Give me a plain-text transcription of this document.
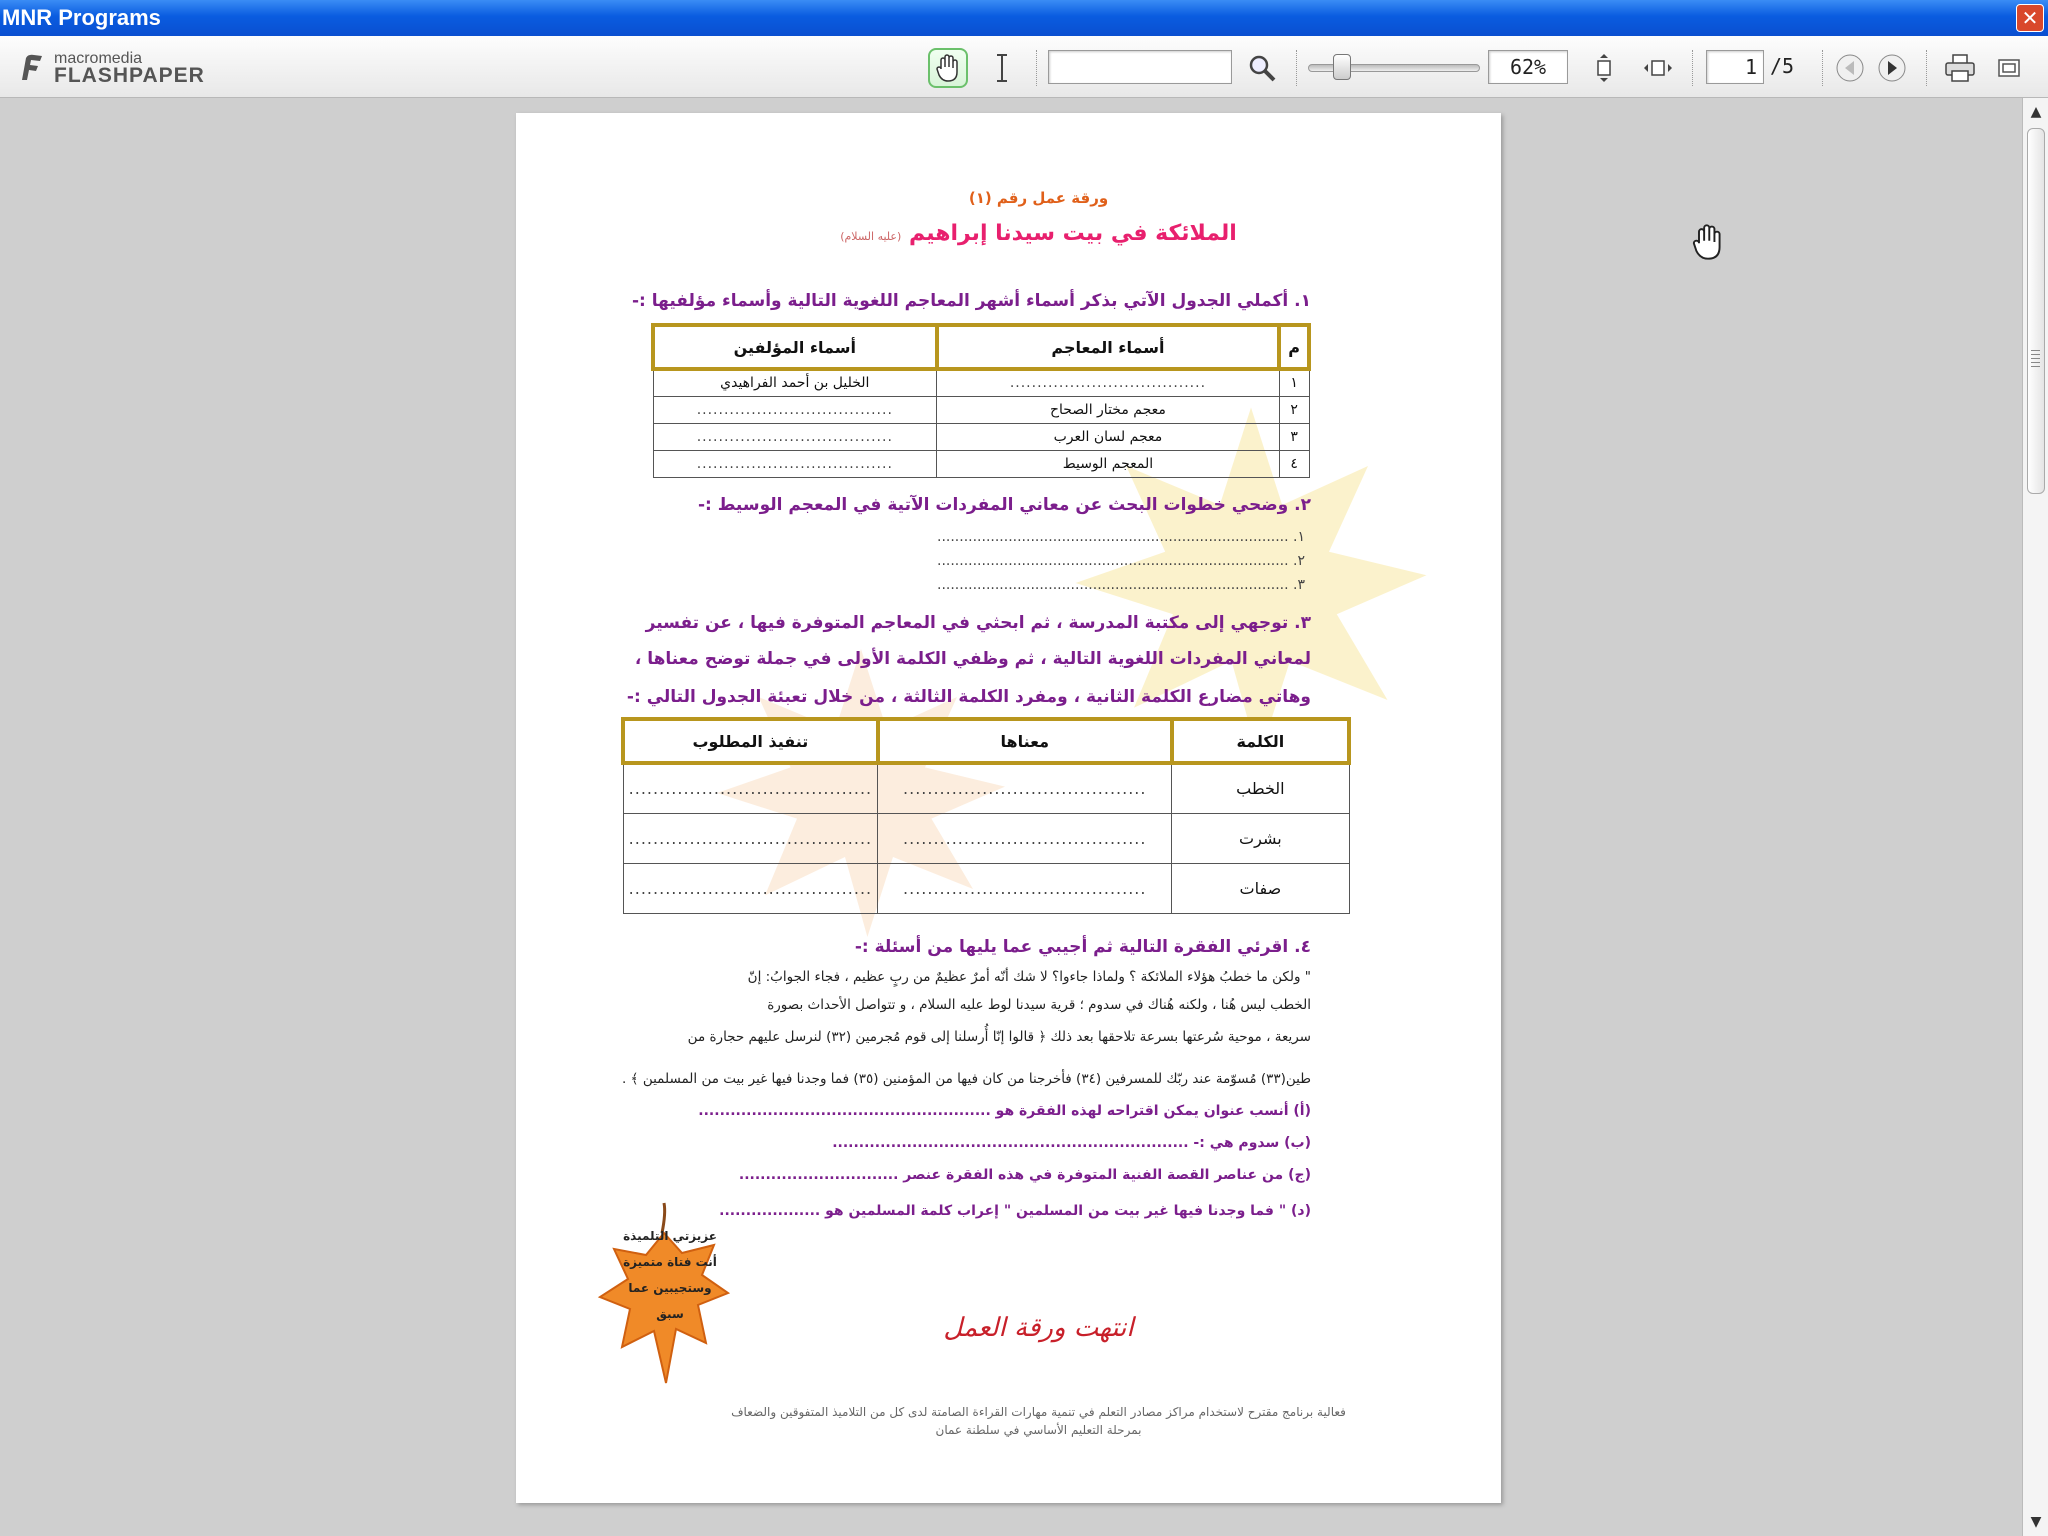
MNR Programs	✕
macromedia
FLASHPAPER	62%	1 /5
▲
▼
ورقة عمل رقم (١)
الملائكة في بيت سيدنا إبراهيم (عليه السلام)
١. أكملي الجدول الآتي بذكر أسماء أشهر المعاجم اللغوية التالية وأسماء مؤلفيها :-
م	أسماء المعاجم	أسماء المؤلفين
١	....................................	الخليل بن أحمد الفراهيدي
٢	معجم مختار الصحاح	....................................
٣	معجم لسان العرب	....................................
٤	المعجم الوسيط	....................................
٢. وضحي خطوات البحث عن معاني المفردات الآتية في المعجم الوسيط :-
١. ...............................................................................
٢. ...............................................................................
٣. ...............................................................................
٣. توجهي إلى مكتبة المدرسة ، ثم ابحثي في المعاجم المتوفرة فيها ، عن تفسير
لمعاني المفردات اللغوية التالية ، ثم وظفي الكلمة الأولى في جملة توضح معناها ،
وهاتي مضارع الكلمة الثانية ، ومفرد الكلمة الثالثة ، من خلال تعبئة الجدول التالي :-
الكلمة	معناها	تنفيذ المطلوب
الخطب	........................................	........................................
بشرت	........................................	........................................
صفات	........................................	........................................
٤. اقرئي الفقرة التالية ثم أجيبي عما يليها من أسئلة :-
" ولكن ما خطبُ هؤلاء الملائكة ؟ ولماذا جاءوا؟ لا شك أنّه أمرٌ عظيمٌ من ربٍ عظيم ، فجاء الجوابُ: إنّ
الخطب ليس هُنا ، ولكنه هُناك في سدوم ؛ قرية سيدنا لوط عليه السلام ، و تتواصل الأحداث بصورة
سريعة ، موحية سُرعتها بسرعة تلاحقها بعد ذلك ﴿ قالوا إنّا أُرسلنا إلى قوم مُجرمين (٣٢) لنرسل عليهم حجارة من
طين(٣٣) مُسوّمة عند ربّك للمسرفين (٣٤) فأخرجنا من كان فيها من المؤمنين (٣٥) فما وجدنا فيها غير بيت من المسلمين ﴾ .
(أ) أنسب عنوان يمكن اقتراحه لهذه الفقرة هو .......................................................
(ب) سدوم هي :- ...................................................................
(ج) من عناصر القصة الفنية المتوفرة في هذه الفقرة عنصر ..............................
(د) " فما وجدنا فيها غير بيت من المسلمين " إعراب كلمة المسلمين هو ...................
عزيزتي التلميذة أنت فتاة متميزة وستجيبين عما سبق	انتهت ورقة العمل
فعالية برنامج مقترح لاستخدام مراكز مصادر التعلم في تنمية مهارات القراءة الصامتة لدى كل من التلاميذ المتفوقين والضعاف
بمرحلة التعليم الأساسي في سلطنة عمان
